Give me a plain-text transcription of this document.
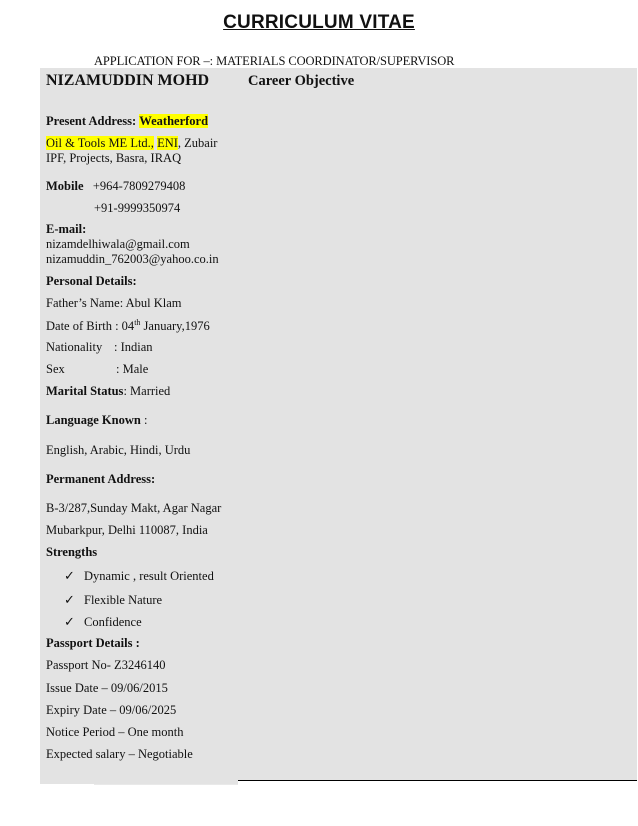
CURRICULUM VITAE
APPLICATION FOR –: MATERIALS COORDINATOR/SUPERVISOR
Career Objective
NIZAMUDDIN MOHD
Present Address: Weatherford
Oil & Tools ME Ltd., ENI, Zubair
IPF, Projects, Basra, IRAQ
Mobile +964-7809279408
+91-9999350974
E-mail:
nizamdelhiwala@gmail.com
nizamuddin_762003@yahoo.co.in
Personal Details:
Father’s Name: Abul Klam
Date of Birth : 04th January,1976
Nationality : Indian
Sex	: Male
Marital Status: Married
Language Known :
English, Arabic, Hindi, Urdu
Permanent Address:
B-3/287,Sunday Makt, Agar Nagar
Mubarkpur, Delhi 110087, India
Strengths
✓ Dynamic , result Oriented
✓ Flexible Nature
✓ Confidence
Passport Details :
Passport No- Z3246140
Issue Date – 09/06/2015
Expiry Date – 09/06/2025
Notice Period – One month
Expected salary – Negotiable
